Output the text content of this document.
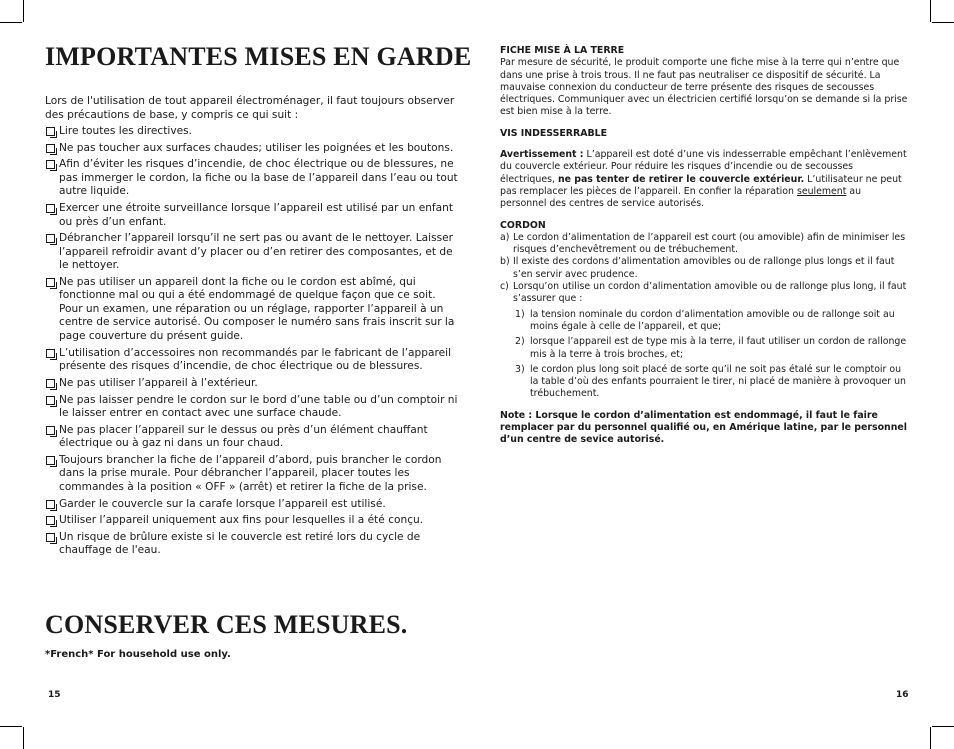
IMPORTANTES MISES EN GARDE

Lors de l'utilisation de tout appareil électroménager, il faut toujours observer des précautions de base, y compris ce qui suit :

Lire toutes les directives.
Ne pas toucher aux surfaces chaudes; utiliser les poignées et les boutons.
Afin d’éviter les risques d’incendie, de choc électrique ou de blessures, ne pas immerger le cordon, la fiche ou la base de l’appareil dans l’eau ou tout autre liquide.
Exercer une étroite surveillance lorsque l’appareil est utilisé par un enfant ou près d’un enfant.
Débrancher l’appareil lorsqu’il ne sert pas ou avant de le nettoyer. Laisser l’appareil refroidir avant d’y placer ou d’en retirer des composantes, et de le nettoyer.
Ne pas utiliser un appareil dont la fiche ou le cordon est abîmé, qui fonctionne mal ou qui a été endommagé de quelque façon que ce soit. Pour un examen, une réparation ou un réglage, rapporter l’appareil à un centre de service autorisé. Ou composer le numéro sans frais inscrit sur la page couverture du présent guide.
L’utilisation d’accessoires non recommandés par le fabricant de l’appareil présente des risques d’incendie, de choc électrique ou de blessures.
Ne pas utiliser l’appareil à l’extérieur.
Ne pas laisser pendre le cordon sur le bord d’une table ou d’un comptoir ni le laisser entrer en contact avec une surface chaude.
Ne pas placer l’appareil sur le dessus ou près d’un élément chauffant électrique ou à gaz ni dans un four chaud.
Toujours brancher la fiche de l’appareil d’abord, puis brancher le cordon dans la prise murale. Pour débrancher l’appareil, placer toutes les commandes à la position « OFF » (arrêt) et retirer la fiche de la prise.
Garder le couvercle sur la carafe lorsque l’appareil est utilisé.
Utiliser l’appareil uniquement aux fins pour lesquelles il a été conçu.
Un risque de brûlure existe si le couvercle est retiré lors du cycle de chauffage de l'eau.
CONSERVER CES MESURES.

*French* For household use only.

15

FICHE MISE À LA TERRE

Par mesure de sécurité, le produit comporte une fiche mise à la terre qui n’entre que dans une prise à trois trous. Il ne faut pas neutraliser ce dispositif de sécurité. La mauvaise connexion du conducteur de terre présente des risques de secousses électriques. Communiquer avec un électricien certifié lorsqu’on se demande si la prise est bien mise à la terre.

VIS INDESSERRABLE

Avertissement : L’appareil est doté d’une vis indesserrable empêchant l’enlèvement du couvercle extérieur. Pour réduire les risques d’incendie ou de secousses électriques, ne pas tenter de retirer le couvercle extérieur. L’utilisateur ne peut pas remplacer les pièces de l’appareil. En confier la réparation seulement au personnel des centres de service autorisés.

CORDON
a) Le cordon d’alimentation de l’appareil est court (ou amovible) afin de minimiser les risques d’enchevêtrement ou de trébuchement.
b) Il existe des cordons d’alimentation amovibles ou de rallonge plus longs et il faut s’en servir avec prudence.
c) Lorsqu’on utilise un cordon d’alimentation amovible ou de rallonge plus long, il faut s’assurer que :
1) la tension nominale du cordon d’alimentation amovible ou de rallonge soit au moins égale à celle de l’appareil, et que;
2) lorsque l’appareil est de type mis à la terre, il faut utiliser un cordon de rallonge mis à la terre à trois broches, et;
3) le cordon plus long soit placé de sorte qu’il ne soit pas étalé sur le comptoir ou la table d’où des enfants pourraient le tirer, ni placé de manière à provoquer un trébuchement.

Note : Lorsque le cordon d’alimentation est endommagé, il faut le faire remplacer par du personnel qualifié ou, en Amérique latine, par le personnel d’un centre de sevice autorisé.

16
